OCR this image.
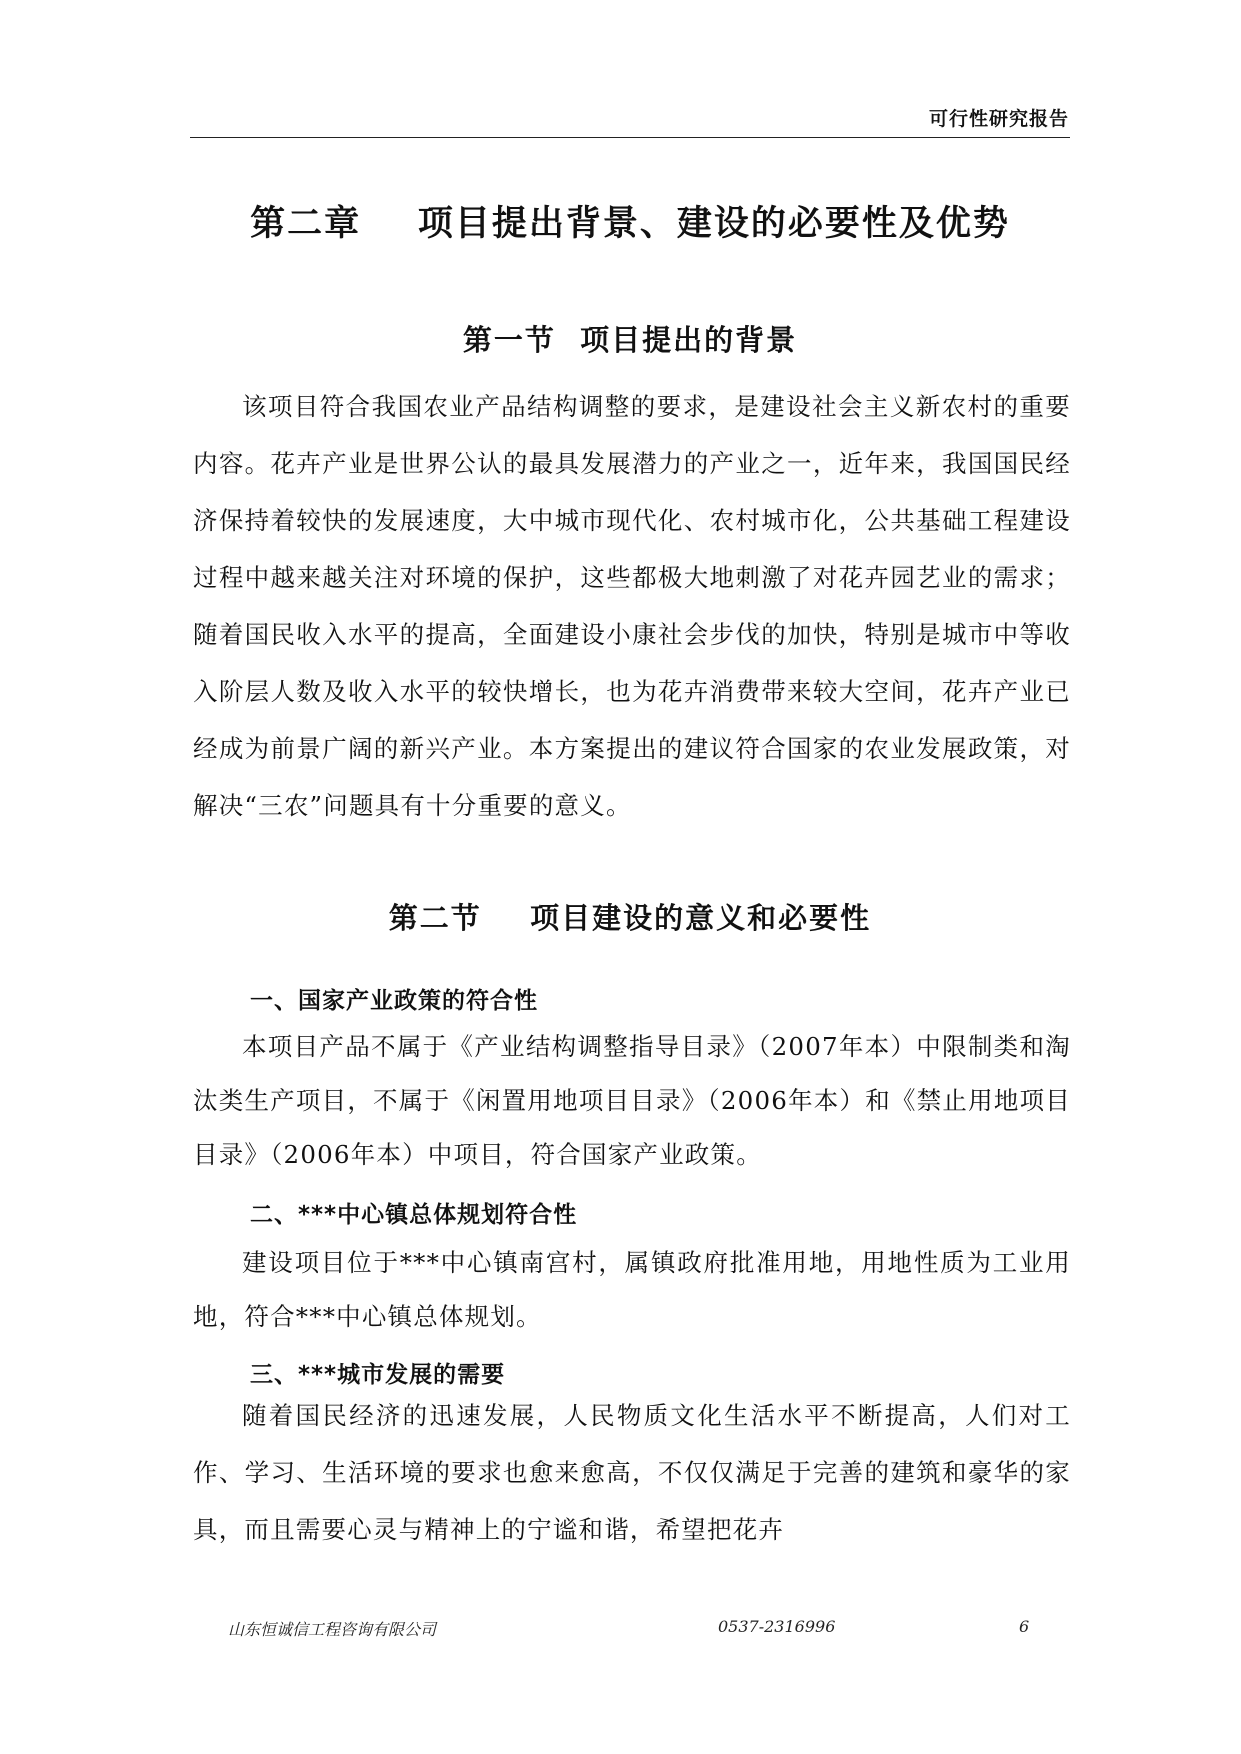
可行性研究报告
第二章    项目提出背景、建设的必要性及优势
第一节  项目提出的背景

该项目符合我国农业产品结构调整的要求，是建设社会主义新农村的重要内容。花卉产业是世界公认的最具发展潜力的产业之一，近年来，我国国民经济保持着较快的发展速度，大中城市现代化、农村城市化，公共基础工程建设过程中越来越关注对环境的保护，这些都极大地刺激了对花卉园艺业的需求；随着国民收入水平的提高，全面建设小康社会步伐的加快，特别是城市中等收入阶层人数及收入水平的较快增长，也为花卉消费带来较大空间，花卉产业已经成为前景广阔的新兴产业。本方案提出的建议符合国家的农业发展政策，对解决“三农”问题具有十分重要的意义。

第二节    项目建设的意义和必要性
一、国家产业政策的符合性

本项目产品不属于《产业结构调整指导目录》（2007年本）中限制类和淘汰类生产项目，不属于《闲置用地项目目录》（2006年本）和《禁止用地项目目录》（2006年本）中项目，符合国家产业政策。

二、***中心镇总体规划符合性

建设项目位于***中心镇南宫村，属镇政府批准用地，用地性质为工业用地，符合***中心镇总体规划。

三、***城市发展的需要

随着国民经济的迅速发展，人民物质文化生活水平不断提高，人们对工作、学习、生活环境的要求也愈来愈高，不仅仅满足于完善的建筑和豪华的家具，而且需要心灵与精神上的宁谧和谐，希望把花卉

山东恒诚信工程咨询有限公司	0537-2316996	6
